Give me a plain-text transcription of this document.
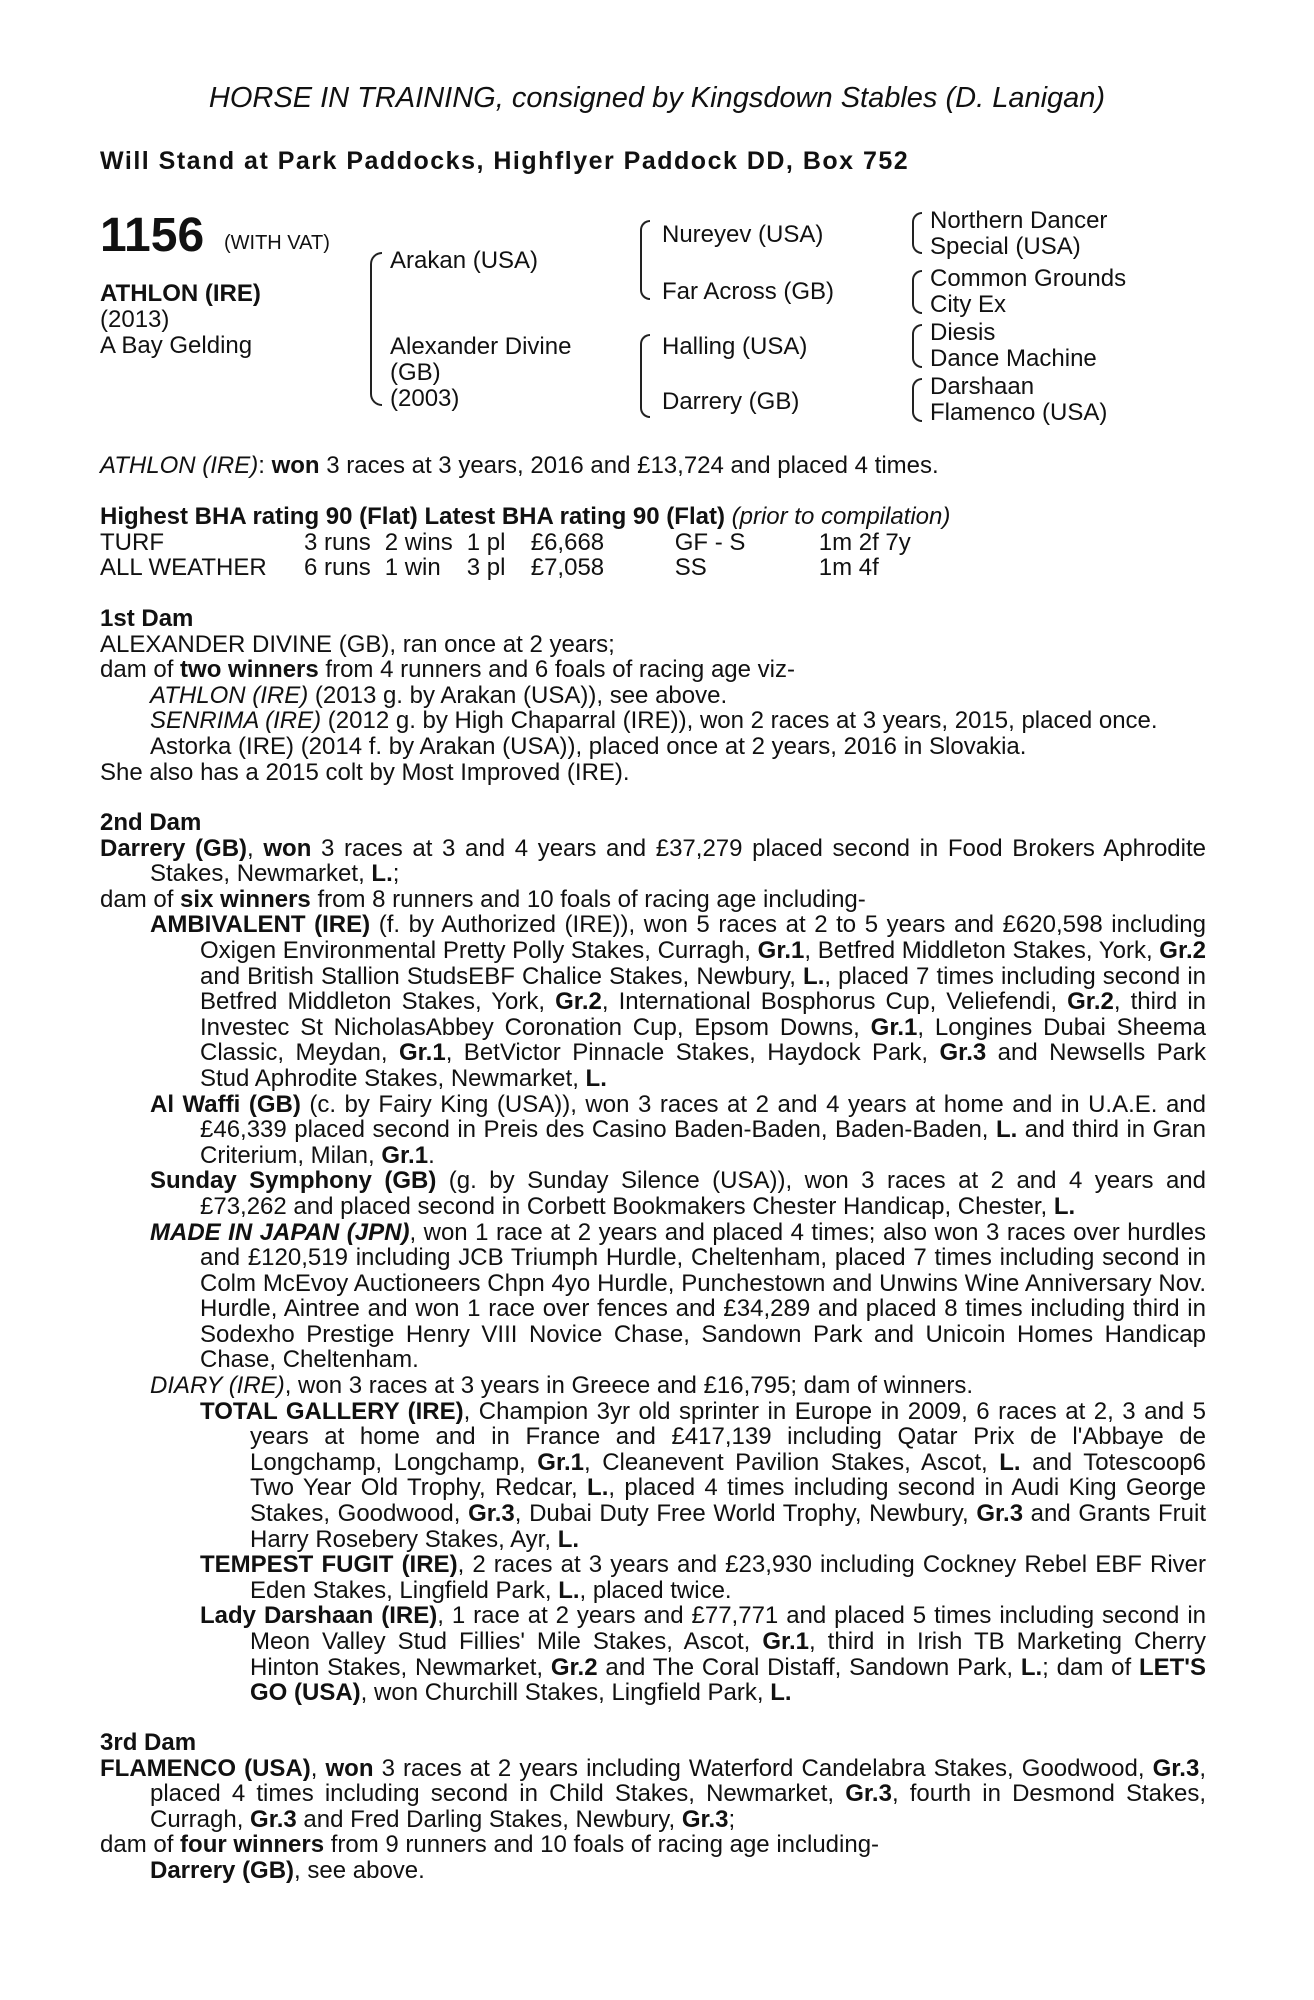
HORSE IN TRAINING, consigned by Kingsdown Stables (D. Lanigan)
Will Stand at Park Paddocks, Highflyer Paddock DD, Box 752
1156 (WITH VAT)
ATHLON (IRE)
(2013)
A Bay Gelding
Arakan (USA)
Alexander Divine
(GB)
(2003)
Nureyev (USA)
Far Across (GB)
Halling (USA)
Darrery (GB)
Northern Dancer
Special (USA)
Common Grounds
City Ex
Diesis
Dance Machine
Darshaan
Flamenco (USA)

ATHLON (IRE): won 3 races at 3 years, 2016 and £13,724 and placed 4 times.

Highest BHA rating 90 (Flat) Latest BHA rating 90 (Flat) (prior to compilation)

TURF	3 runs	2 wins	1 pl	£6,668	GF - S	1m 2f 7y
ALL WEATHER	6 runs	1 win	3 pl	£7,058	SS	1m 4f

1st Dam

ALEXANDER DIVINE (GB), ran once at 2 years;

dam of two winners from 4 runners and 6 foals of racing age viz-

ATHLON (IRE) (2013 g. by Arakan (USA)), see above.

SENRIMA (IRE) (2012 g. by High Chaparral (IRE)), won 2 races at 3 years, 2015, placed once.

Astorka (IRE) (2014 f. by Arakan (USA)), placed once at 2 years, 2016 in Slovakia.

She also has a 2015 colt by Most Improved (IRE).

2nd Dam

Darrery (GB), won 3 races at 3 and 4 years and £37,279 placed second in Food Brokers Aphrodite Stakes, Newmarket, L.;

dam of six winners from 8 runners and 10 foals of racing age including-

AMBIVALENT (IRE) (f. by Authorized (IRE)), won 5 races at 2 to 5 years and £620,598 including Oxigen Environmental Pretty Polly Stakes, Curragh, Gr.1, Betfred Middleton Stakes, York, Gr.2 and British Stallion StudsEBF Chalice Stakes, Newbury, L., placed 7 times including second in Betfred Middleton Stakes, York, Gr.2, International Bosphorus Cup, Veliefendi, Gr.2, third in Investec St NicholasAbbey Coronation Cup, Epsom Downs, Gr.1, Longines Dubai Sheema Classic, Meydan, Gr.1, BetVictor Pinnacle Stakes, Haydock Park, Gr.3 and Newsells Park Stud Aphrodite Stakes, Newmarket, L.

Al Waffi (GB) (c. by Fairy King (USA)), won 3 races at 2 and 4 years at home and in U.A.E. and £46,339 placed second in Preis des Casino Baden-Baden, Baden-Baden, L. and third in Gran Criterium, Milan, Gr.1.

Sunday Symphony (GB) (g. by Sunday Silence (USA)), won 3 races at 2 and 4 years and £73,262 and placed second in Corbett Bookmakers Chester Handicap, Chester, L.

MADE IN JAPAN (JPN), won 1 race at 2 years and placed 4 times; also won 3 races over hurdles and £120,519 including JCB Triumph Hurdle, Cheltenham, placed 7 times including second in Colm McEvoy Auctioneers Chpn 4yo Hurdle, Punchestown and Unwins Wine Anniversary Nov. Hurdle, Aintree and won 1 race over fences and £34,289 and placed 8 times including third in Sodexho Prestige Henry VIII Novice Chase, Sandown Park and Unicoin Homes Handicap Chase, Cheltenham.

DIARY (IRE), won 3 races at 3 years in Greece and £16,795; dam of winners.

TOTAL GALLERY (IRE), Champion 3yr old sprinter in Europe in 2009, 6 races at 2, 3 and 5 years at home and in France and £417,139 including Qatar Prix de l'Abbaye de Longchamp, Longchamp, Gr.1, Cleanevent Pavilion Stakes, Ascot, L. and Totescoop6 Two Year Old Trophy, Redcar, L., placed 4 times including second in Audi King George Stakes, Goodwood, Gr.3, Dubai Duty Free World Trophy, Newbury, Gr.3 and Grants Fruit Harry Rosebery Stakes, Ayr, L.

TEMPEST FUGIT (IRE), 2 races at 3 years and £23,930 including Cockney Rebel EBF River Eden Stakes, Lingfield Park, L., placed twice.

Lady Darshaan (IRE), 1 race at 2 years and £77,771 and placed 5 times including second in Meon Valley Stud Fillies' Mile Stakes, Ascot, Gr.1, third in Irish TB Marketing Cherry Hinton Stakes, Newmarket, Gr.2 and The Coral Distaff, Sandown Park, L.; dam of LET'S GO (USA), won Churchill Stakes, Lingfield Park, L.

3rd Dam

FLAMENCO (USA), won 3 races at 2 years including Waterford Candelabra Stakes, Goodwood, Gr.3, placed 4 times including second in Child Stakes, Newmarket, Gr.3, fourth in Desmond Stakes, Curragh, Gr.3 and Fred Darling Stakes, Newbury, Gr.3;

dam of four winners from 9 runners and 10 foals of racing age including-

Darrery (GB), see above.
